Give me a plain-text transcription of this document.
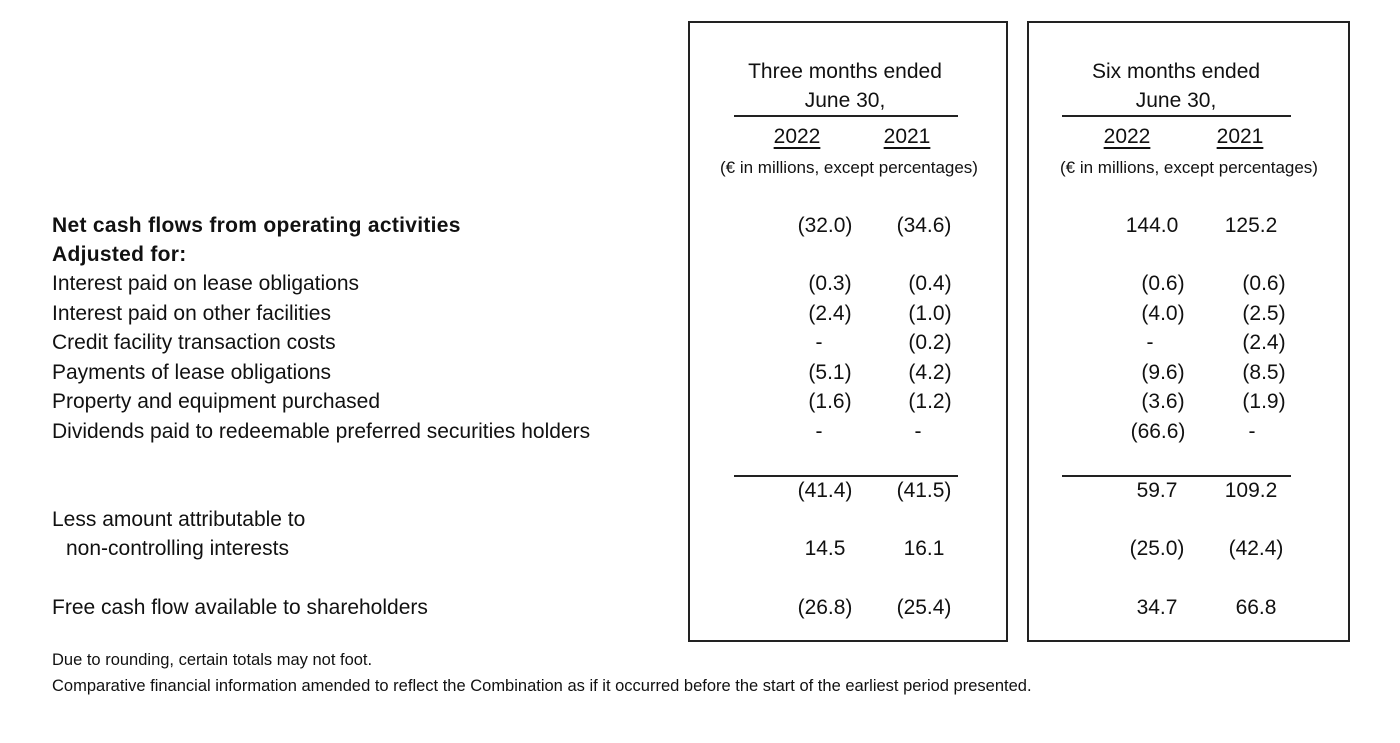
Three months ended
June 30,
2022	2021
(€ in millions, except percentages)
Six months ended
June 30,
2022	2021
(€ in millions, except percentages)
Net cash flows from operating activities	(32.0) (34.6)	144.0 125.2
Adjusted for:
Interest paid on lease obligations	(0.3)	(0.4)	(0.6)	(0.6)
Interest paid on other facilities	(2.4)	(1.0)	(4.0)	(2.5)
Credit facility transaction costs	-	(0.2)	-	(2.4)
Payments of lease obligations	(5.1)	(4.2)	(9.6)	(8.5)
Property and equipment purchased	(1.6)	(1.2)	(3.6)	(1.9)
Dividends paid to redeemable preferred securities holders	-	-	(66.6)	-
(41.4) (41.5)	59.7 109.2
Less amount attributable to
non-controlling interests	14.5	16.1	(25.0) (42.4)
Free cash flow available to shareholders	(26.8) (25.4)	34.7	66.8
Due to rounding, certain totals may not foot.
Comparative financial information amended to reflect the Combination as if it occurred before the start of the earliest period presented.
